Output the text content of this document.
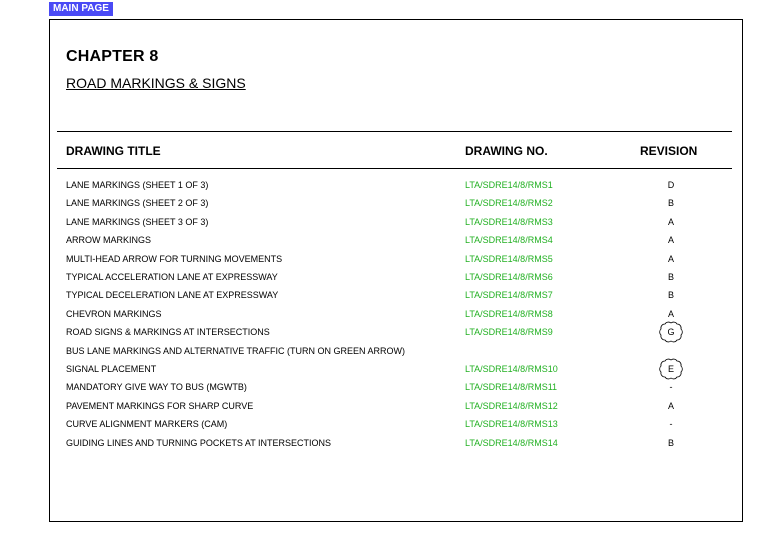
MAIN PAGE
CHAPTER 8
ROAD MARKINGS & SIGNS
DRAWING TITLE	DRAWING NO.	REVISION
LANE MARKINGS (SHEET 1 OF 3)	LTA/SDRE14/8/RMS1	D
LANE MARKINGS (SHEET 2 OF 3)	LTA/SDRE14/8/RMS2	B
LANE MARKINGS (SHEET 3 OF 3)	LTA/SDRE14/8/RMS3	A
ARROW MARKINGS	LTA/SDRE14/8/RMS4	A
MULTI-HEAD ARROW FOR TURNING MOVEMENTS	LTA/SDRE14/8/RMS5	A
TYPICAL ACCELERATION LANE AT EXPRESSWAY	LTA/SDRE14/8/RMS6	B
TYPICAL DECELERATION LANE AT EXPRESSWAY	LTA/SDRE14/8/RMS7	B
CHEVRON MARKINGS	LTA/SDRE14/8/RMS8	A
ROAD SIGNS & MARKINGS AT INTERSECTIONS	LTA/SDRE14/8/RMS9	G
BUS LANE MARKINGS AND ALTERNATIVE TRAFFIC (TURN ON GREEN ARROW)
SIGNAL PLACEMENT	LTA/SDRE14/8/RMS10	E
MANDATORY GIVE WAY TO BUS (MGWTB)	LTA/SDRE14/8/RMS11	-
PAVEMENT MARKINGS FOR SHARP CURVE	LTA/SDRE14/8/RMS12	A
CURVE ALIGNMENT MARKERS (CAM)	LTA/SDRE14/8/RMS13	-
GUIDING LINES AND TURNING POCKETS AT INTERSECTIONS	LTA/SDRE14/8/RMS14	B
